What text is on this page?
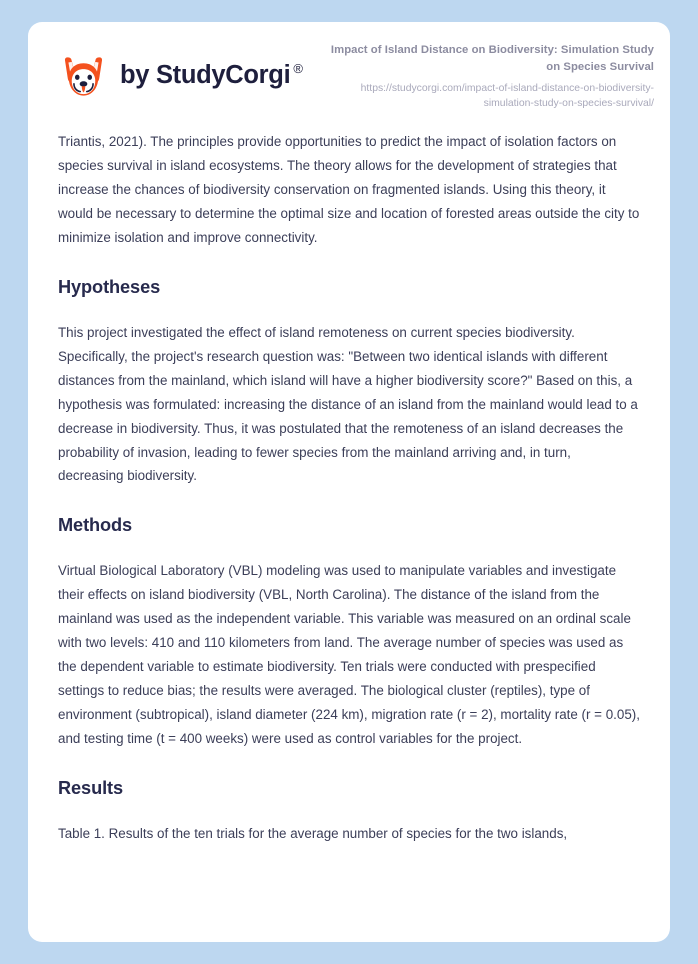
by StudyCorgi ®
Impact of Island Distance on Biodiversity: Simulation Study on Species Survival
https://studycorgi.com/impact-of-island-distance-on-biodiversity-simulation-study-on-species-survival/

Triantis, 2021). The principles provide opportunities to predict the impact of isolation factors on species survival in island ecosystems. The theory allows for the development of strategies that increase the chances of biodiversity conservation on fragmented islands. Using this theory, it would be necessary to determine the optimal size and location of forested areas outside the city to minimize isolation and improve connectivity.

Hypotheses

This project investigated the effect of island remoteness on current species biodiversity. Specifically, the project's research question was: "Between two identical islands with different distances from the mainland, which island will have a higher biodiversity score?" Based on this, a hypothesis was formulated: increasing the distance of an island from the mainland would lead to a decrease in biodiversity. Thus, it was postulated that the remoteness of an island decreases the probability of invasion, leading to fewer species from the mainland arriving and, in turn, decreasing biodiversity.

Methods

Virtual Biological Laboratory (VBL) modeling was used to manipulate variables and investigate their effects on island biodiversity (VBL, North Carolina). The distance of the island from the mainland was used as the independent variable. This variable was measured on an ordinal scale with two levels: 410 and 110 kilometers from land. The average number of species was used as the dependent variable to estimate biodiversity. Ten trials were conducted with prespecified settings to reduce bias; the results were averaged. The biological cluster (reptiles), type of environment (subtropical), island diameter (224 km), migration rate (r = 2), mortality rate (r = 0.05), and testing time (t = 400 weeks) were used as control variables for the project.

Results

Table 1. Results of the ten trials for the average number of species for the two islands,
